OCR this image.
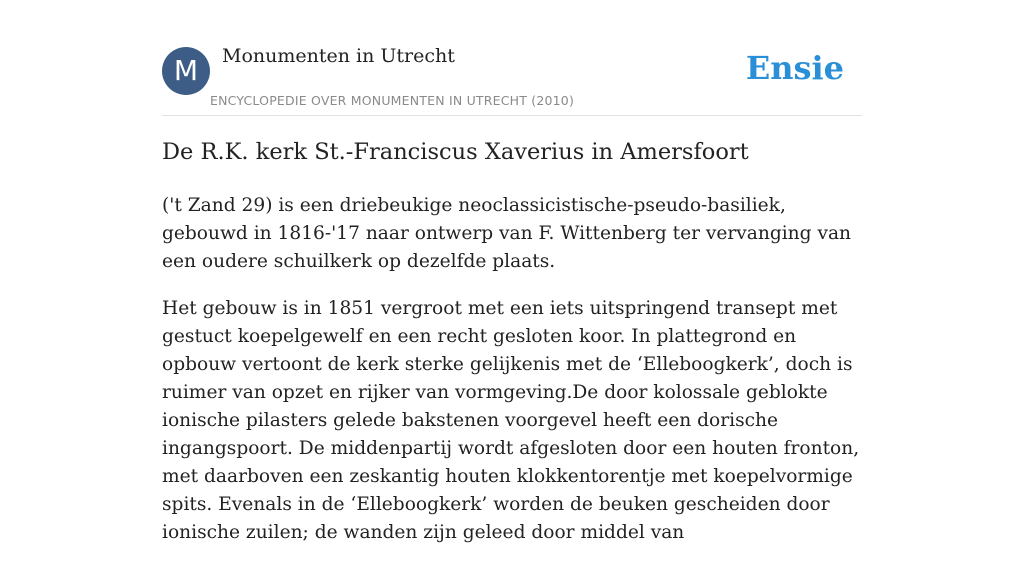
M	Monumenten in Utrecht
ENCYCLOPEDIE OVER MONUMENTEN IN UTRECHT (2010)
Ensie
De R.K. kerk St.-Franciscus Xaverius in Amersfoort

('t Zand 29) is een driebeukige neoclassicistische-pseudo-basiliek, gebouwd in 1816-'17 naar ontwerp van F. Wittenberg ter vervanging van een oudere schuilkerk op dezelfde plaats.

Het gebouw is in 1851 vergroot met een iets uitspringend transept met gestuct koepelgewelf en een recht gesloten koor. In plattegrond en opbouw vertoont de kerk sterke gelijkenis met de ‘Elleboogkerk’, doch is ruimer van opzet en rijker van vormgeving.De door kolossale geblokte ionische pilasters gelede bakstenen voorgevel heeft een dorische ingangspoort. De middenpartij wordt afgesloten door een houten fronton, met daarboven een zeskantig houten klokkentorentje met koepelvormige spits. Evenals in de ‘Elleboogkerk’ worden de beuken gescheiden door ionische zuilen; de wanden zijn geleed door middel van
